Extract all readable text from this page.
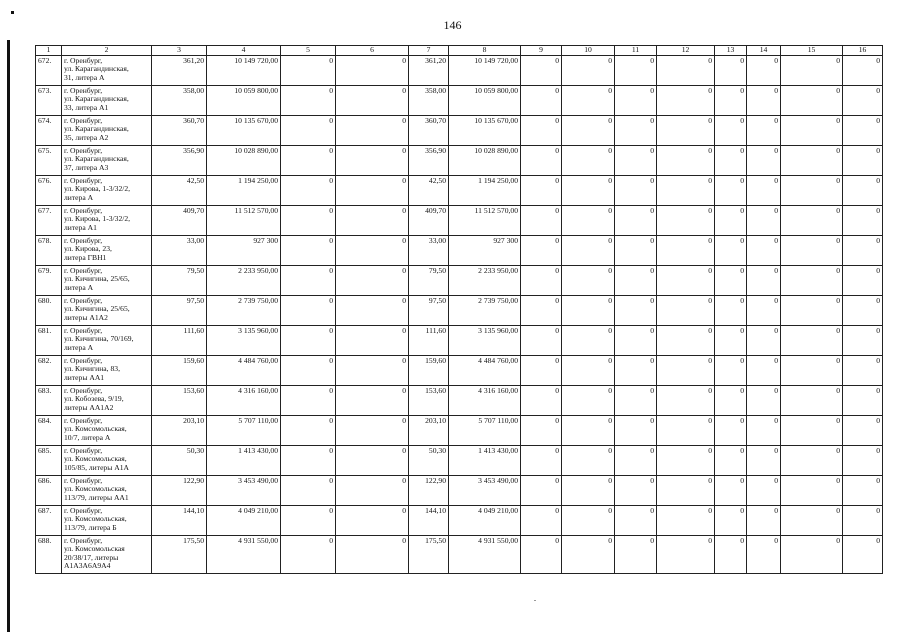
146
1	2	3	4	5	6	7	8	9	10	11	12	13	14	15	16
672.	г. Оренбург,
ул. Карагандинская,
31, литера А	361,20	10 149 720,00	0	0	361,20	10 149 720,00	0	0	0	0	0	0	0	0
673.	г. Оренбург,
ул. Карагандинская,
33, литера А1	358,00	10 059 800,00	0	0	358,00	10 059 800,00	0	0	0	0	0	0	0	0
674.	г. Оренбург,
ул. Карагандинская,
35, литера А2	360,70	10 135 670,00	0	0	360,70	10 135 670,00	0	0	0	0	0	0	0	0
675.	г. Оренбург,
ул. Карагандинская,
37, литера А3	356,90	10 028 890,00	0	0	356,90	10 028 890,00	0	0	0	0	0	0	0	0
676.	г. Оренбург,
ул. Кирова, 1-3/32/2,
литера А	42,50	1 194 250,00	0	0	42,50	1 194 250,00	0	0	0	0	0	0	0	0
677.	г. Оренбург,
ул. Кирова, 1-3/32/2,
литера А1	409,70	11 512 570,00	0	0	409,70	11 512 570,00	0	0	0	0	0	0	0	0
678.	г. Оренбург,
ул. Кирова, 23,
литера ГВН1	33,00	927 300	0	0	33,00	927 300	0	0	0	0	0	0	0	0
679.	г. Оренбург,
ул. Кичигина, 25/65,
литера А	79,50	2 233 950,00	0	0	79,50	2 233 950,00	0	0	0	0	0	0	0	0
680.	г. Оренбург,
ул. Кичигина, 25/65,
литеры А1А2	97,50	2 739 750,00	0	0	97,50	2 739 750,00	0	0	0	0	0	0	0	0
681.	г. Оренбург,
ул. Кичигина, 70/169,
литера А	111,60	3 135 960,00	0	0	111,60	3 135 960,00	0	0	0	0	0	0	0	0
682.	г. Оренбург,
ул. Кичигина, 83,
литеры АА1	159,60	4 484 760,00	0	0	159,60	4 484 760,00	0	0	0	0	0	0	0	0
683.	г. Оренбург,
ул. Кобозева, 9/19,
литеры АА1А2	153,60	4 316 160,00	0	0	153,60	4 316 160,00	0	0	0	0	0	0	0	0
684.	г. Оренбург,
ул. Комсомольская,
10/7, литера А	203,10	5 707 110,00	0	0	203,10	5 707 110,00	0	0	0	0	0	0	0	0
685.	г. Оренбург,
ул. Комсомольская,
105/85, литеры А1А	50,30	1 413 430,00	0	0	50,30	1 413 430,00	0	0	0	0	0	0	0	0
686.	г. Оренбург,
ул. Комсомольская,
113/79, литеры АА1	122,90	3 453 490,00	0	0	122,90	3 453 490,00	0	0	0	0	0	0	0	0
687.	г. Оренбург,
ул. Комсомольская,
113/79, литера Б	144,10	4 049 210,00	0	0	144,10	4 049 210,00	0	0	0	0	0	0	0	0
688.	г. Оренбург,
ул. Комсомольская
20/38/17, литеры
А1А3А6А9А4	175,50	4 931 550,00	0	0	175,50	4 931 550,00	0	0	0	0	0	0	0	0
